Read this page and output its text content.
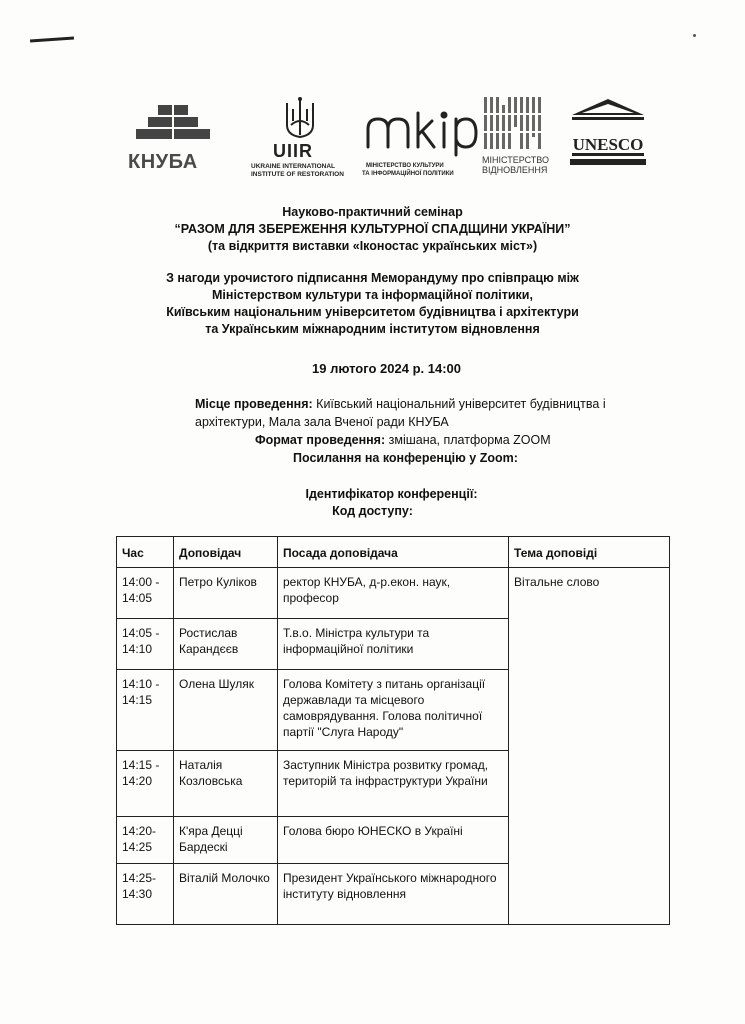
КНУБА	UIIR
UKRAINE INTERNATIONAL
INSTITUTE OF RESTORATION
МІНІСТЕРСТВО КУЛЬТУРИ
ТА ІНФОРМАЦІЙНОЇ ПОЛІТИКИ
МІНІСТЕРСТВО
ВІДНОВЛЕННЯ
UNESCO
Науково-практичний семінар
“РАЗОМ ДЛЯ ЗБЕРЕЖЕННЯ КУЛЬТУРНОЇ СПАДЩИНИ УКРАЇНИ”
(та відкриття виставки «Іконостас українських міст»)
З нагоди урочистого підписання Меморандуму про співпрацю між
Міністерством культури та інформаційної політики,
Київським національним університетом будівництва і архітектури
та Українським міжнародним інститутом відновлення
19 лютого 2024 р. 14:00
Місце проведення: Київський національний університет будівництва і
архітектури, Мала зала Вченої ради КНУБА
Формат проведення: змішана, платформа ZOOM
Посилання на конференцію у Zoom:
Ідентифікатор конференції:
Код доступу:
Час	Доповідач	Посада доповідача	Тема доповіді
14:00 - 14:05	Петро Куліков	ректор КНУБА, д-р.екон. наук, професор	Вітальне слово
14:05 - 14:10	Ростислав Карандєєв	Т.в.о. Міністра культури та інформаційної політики	
14:10 - 14:15	Олена Шуляк	Голова Комітету з питань організації державлади та місцевого самоврядування. Голова політичної партії "Слуга Народу"	
14:15 - 14:20	Наталія Козловська	Заступник Міністра розвитку громад, територій та інфраструктури України	
14:20- 14:25	К'яра Децці Бардескі	Голова бюро ЮНЕСКО в Україні	
14:25- 14:30	Віталій Молочко	Президент Українського міжнародного інституту відновлення	
